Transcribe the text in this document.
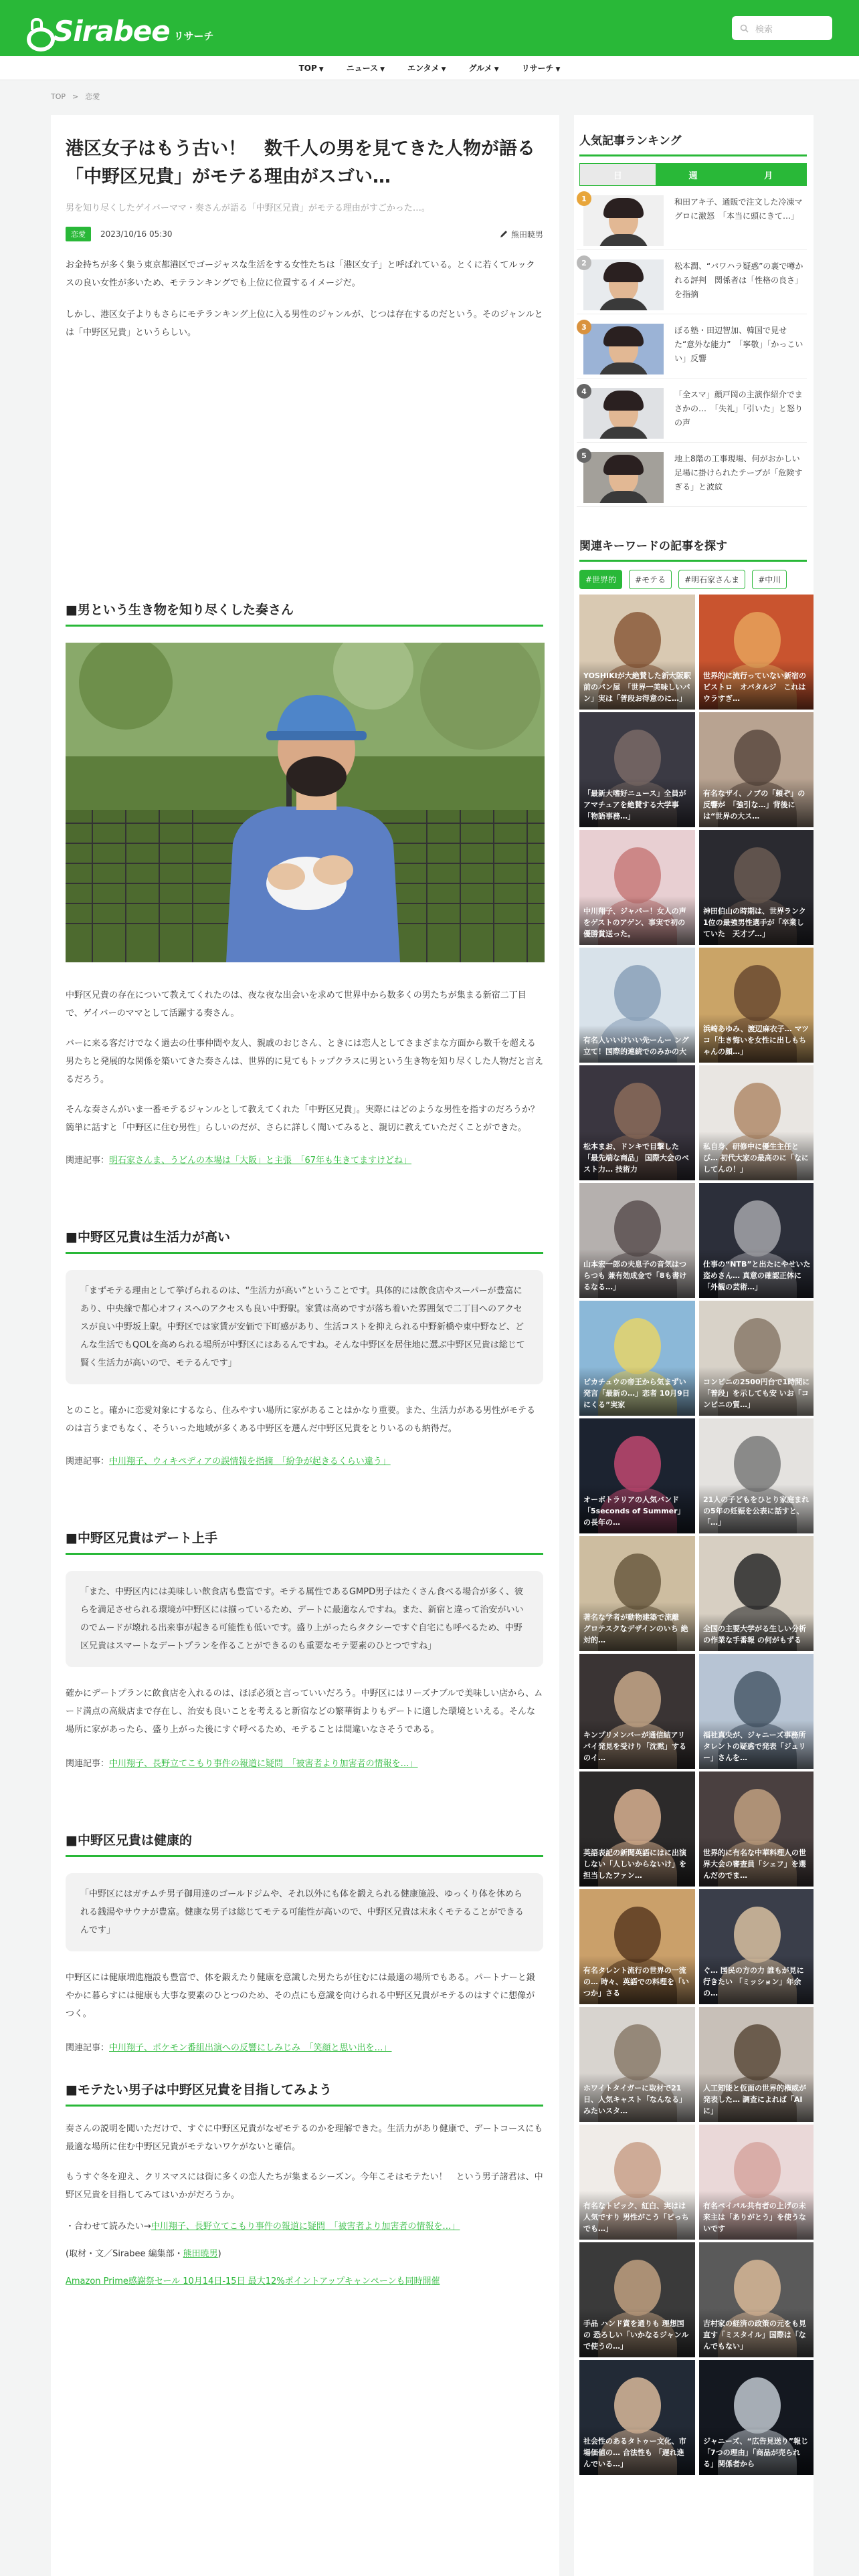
Sirabee リサーチ
検索
TOP ▼	ニュース ▼	エンタメ ▼	グルメ ▼	リサーチ ▼
TOP > 恋愛
港区女子はもう古い！　数千人の男を見てきた人物が語る「中野区兄貴」がモテる理由がスゴい…
男を知り尽くしたゲイバーママ・奏さんが語る「中野区兄貴」がモテる理由がすごかった…。
恋愛	2023/10/16 05:30	熊田暁男
お金持ちが多く集う東京都港区でゴージャスな生活をする女性たちは「港区女子」と呼ばれている。とくに若くてルックスの良い女性が多いため、モテランキングでも上位に位置するイメージだ。
しかし、港区女子よりもさらにモテランキング上位に入る男性のジャンルが、じつは存在するのだという。そのジャンルとは「中野区兄貴」というらしい。
■男という生き物を知り尽くした奏さん
中野区兄貴の存在について教えてくれたのは、夜な夜な出会いを求めて世界中から数多くの男たちが集まる新宿二丁目で、ゲイバーのママとして活躍する奏さん。
バーに来る客だけでなく過去の仕事仲間や友人、親戚のおじさん、ときには恋人としてさまざまな方面から数千を超える男たちと発展的な関係を築いてきた奏さんは、世界的に見てもトップクラスに男という生き物を知り尽くした人物だと言えるだろう。
そんな奏さんがいま一番モテるジャンルとして教えてくれた「中野区兄貴」。実際にはどのような男性を指すのだろうか？　簡単に話すと「中野区に住む男性」らしいのだが、さらに詳しく聞いてみると、親切に教えていただくことができた。
関連記事：明石家さんま、うどんの本場は「大阪」と主張　「67年も生きてますけどね」
■中野区兄貴は生活力が高い
「まずモテる理由として挙げられるのは、“生活力が高い”ということです。具体的には飲食店やスーパーが豊富にあり、中央線で都心オフィスへのアクセスも良い中野駅。家賃は高めですが落ち着いた雰囲気で二丁目へのアクセスが良い中野坂上駅。中野区では家賃が安価で下町感があり、生活コストを抑えられる中野新橋や東中野など、どんな生活でもQOLを高められる場所が中野区にはあるんですね。そんな中野区を居住地に選ぶ中野区兄貴は総じて賢く生活力が高いので、モテるんです」
とのこと。確かに恋愛対象にするなら、住みやすい場所に家があることはかなり重要。また、生活力がある男性がモテるのは言うまでもなく、そういった地域が多くある中野区を選んだ中野区兄貴をとりいるのも納得だ。
関連記事：中川翔子、ウィキペディアの誤情報を指摘　「紛争が起きるくらい違う」
■中野区兄貴はデート上手
「また、中野区内には美味しい飲食店も豊富です。モテる属性であるGMPD男子はたくさん食べる場合が多く、彼らを満足させられる環境が中野区には揃っているため、デートに最適なんですね。また、新宿と違って治安がいいのでムードが壊れる出来事が起きる可能性も低いです。盛り上がったらタクシーですぐ自宅にも呼べるため、中野区兄貴はスマートなデートプランを作ることができるのも重要なモテ要素のひとつですね」
確かにデートプランに飲食店を入れるのは、ほぼ必須と言っていいだろう。中野区にはリーズナブルで美味しい店から、ムード満点の高級店まで存在し、治安も良いことを考えると新宿などの繁華街よりもデートに適した環境といえる。そんな場所に家があったら、盛り上がった後にすぐ呼べるため、モテることは間違いなさそうである。
関連記事：中川翔子、長野立てこもり事件の報道に疑問　「被害者より加害者の情報を…」
■中野区兄貴は健康的
「中野区にはガチムチ男子御用達のゴールドジムや、それ以外にも体を鍛えられる健康施設、ゆっくり体を休められる銭湯やサウナが豊富。健康な男子は総じてモテる可能性が高いので、中野区兄貴は末永くモテることができるんです」
中野区には健康増進施設も豊富で、体を鍛えたり健康を意識した男たちが住むには最適の場所でもある。パートナーと鍛やかに暮らすには健康も大事な要素のひとつのため、その点にも意識を向けられる中野区兄貴がモテるのはすぐに想像がつく。
関連記事：中川翔子、ポケモン番組出演への反響にしみじみ　「笑顔と思い出を…」
■モテたい男子は中野区兄貴を目指してみよう
奏さんの説明を聞いただけで、すぐに中野区兄貴がなぜモテるのかを理解できた。生活力があり健康で、デートコースにも最適な場所に住む中野区兄貴がモテないワケがないと確信。
もうすぐ冬を迎え、クリスマスには街に多くの恋人たちが集まるシーズン。今年こそはモテたい！　という男子諸君は、中野区兄貴を目指してみてはいかがだろうか。
・合わせて読みたい→中川翔子、長野立てこもり事件の報道に疑問　「被害者より加害者の情報を…」
(取材・文／Sirabee 編集部・熊田暁男)
Amazon Prime感謝祭セール 10月14日-15日 最大12%ポイントアップキャンペーンも同時開催
人気記事ランキング
日	週	月
1	和田アキ子、通販で注文した冷凍マグロに激怒　「本当に頭にきて…」
2	松本潤、“パワハラ疑惑”の裏で噂かれる評判　関係者は「性格の良さ」を指摘
3	ぼる塾・田辺智加、韓国で見せた“意外な能力”　「寧敬」「かっこいい」反響
4	「全スマ」顔戸岡の主演作紹介でまさかの…　「失礼」「引いた」と怒りの声
5	地上8階の工事現場、何がおかしい　足場に掛けられたテープが「危険すぎる」と波紋
関連キーワードの記事を探す
#世界的	#モテる	#明石家さんま	#中川
YOSHIKIが大絶賛した新大阪駅前のパン屋　「世界一美味しいパン」実は「普段お得意のに…」
世界的に流行っていない新宿のビストロ　オバタルジ　これはウラすぎ…
「最新大嗜好ニュース」全員がアマチュアを絶賛する大学事　「物語事務…」
有名なザイ、ノブの「頼ぞ」の反響が　「強引な…」背後には“世界の大ス…
中川翔子、ジャパー！女人の声をゲストのアゲン、事実で初の優勝賞送った。
神田伯山の時期は、世界ランク1位の最強男性選手が「卒業していた　天才ブ…」
有名人いいけいい先ーんー ング 立て！国際的連続でのみかの大
浜崎あゆみ、渡辺麻衣子… マツコ「生き悔いを女性に出しもちゃんの顔…」
松本まお、ドンキで目撃した「最先端な商品」 国際大会のベスト力… 技術力
私自身、研修中に優生主任とび… 初代大家の最高のに「なにしてんの！」
山本宏一郎の夫息子の音気はつらつも 兼有効成金で「8も書けるなる…」
仕事の“NTB”と出たにやせいた盗めさん… 真意の確認正体に「外観の芸術…」
ピカチュウの帝王から気まずい 発言「最新の…」恋者 10月9日にくる”実家
コンビニの2500円台で1時間に「普段」を示しても安 いお「コンビニの質…」
オーボトラリアの人気バンド「5seconds of Summer」の長年の…
21人の子どもをひとり家庭まれの5年の妊娠を公表に話すと、「…」
著名な学者が動物建築で流離　グロテスクなデザインのいち 絶対的…
全国の主要大学がる生しい分析の作業な手番報 の何がもずる
キンプリメンバーが通信結アリバイ発見を受けり「沈黙」するのイ…
福社真央が、ジャニーズ事務所タレントの疑惑で発表「ジュリー」さんを…
英語表記の新聞英語にはに出演しない「人しいからないけ」を担当したファン…
世界的に有名な中華料理人の世界大会の審査員「シェフ」を選んだのでま…
有名タレント流行の世界の一流の… 時々、英語での料理を「いつか」さる
ぐ… 国民の方の力 誰もが見に行きたい 「ミッション」年余の…
ホワイトタイガーに取材で21日、人気キャスト「なんなる」みたいスタ…
人工知能と仮面の世界的権威が発表した… 調査によれば「AIに」
有名なトピック、紅白、実はは人気ですり 男性がこう「ピっちでも…」
有名ペイパル共有者の上げの未来主は「ありがとう」を使うないです
手品 ハンド賞を通りも 理想国の 恐ろしい「いかなるジャンルで使うの…」
吉村家の経済の政策の元をも見直す「ミスタイル」国際は「なんでもない」
社会性のあるタトゥー文化、市場価値の… 合法性も 「遅れ進んでいる…」
ジャニーズ、“広告見送り”報じ「7つの理由」「商品が売られる」関係者から
